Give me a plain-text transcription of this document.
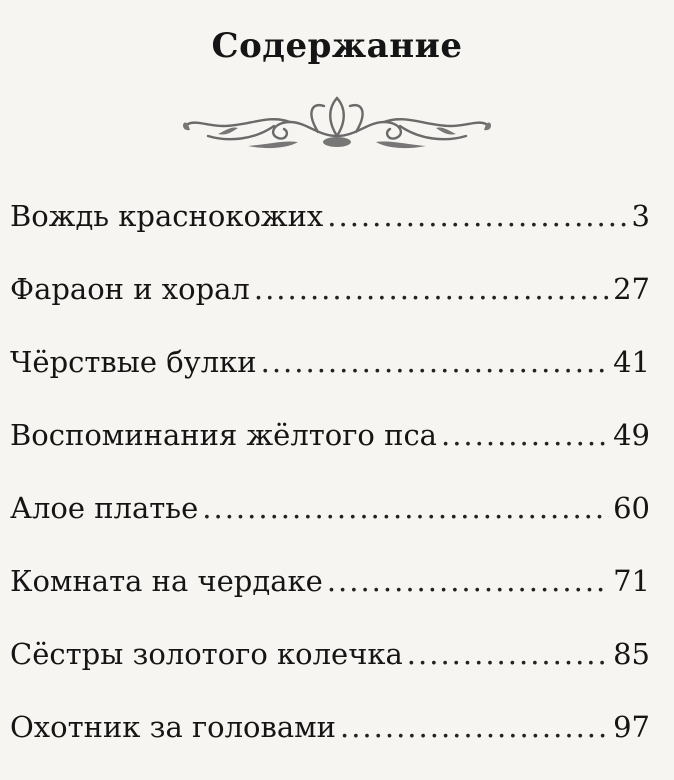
Содержание
Вождь краснокожих .....	3
Фараон и хорал .....	27
Чёрствые булки .....	41
Воспоминания жёлтого пса .....	49
Алое платье .....	60
Комната на чердаке .....	71
Сёстры золотого колечка .....	85
Охотник за головами .....	97
